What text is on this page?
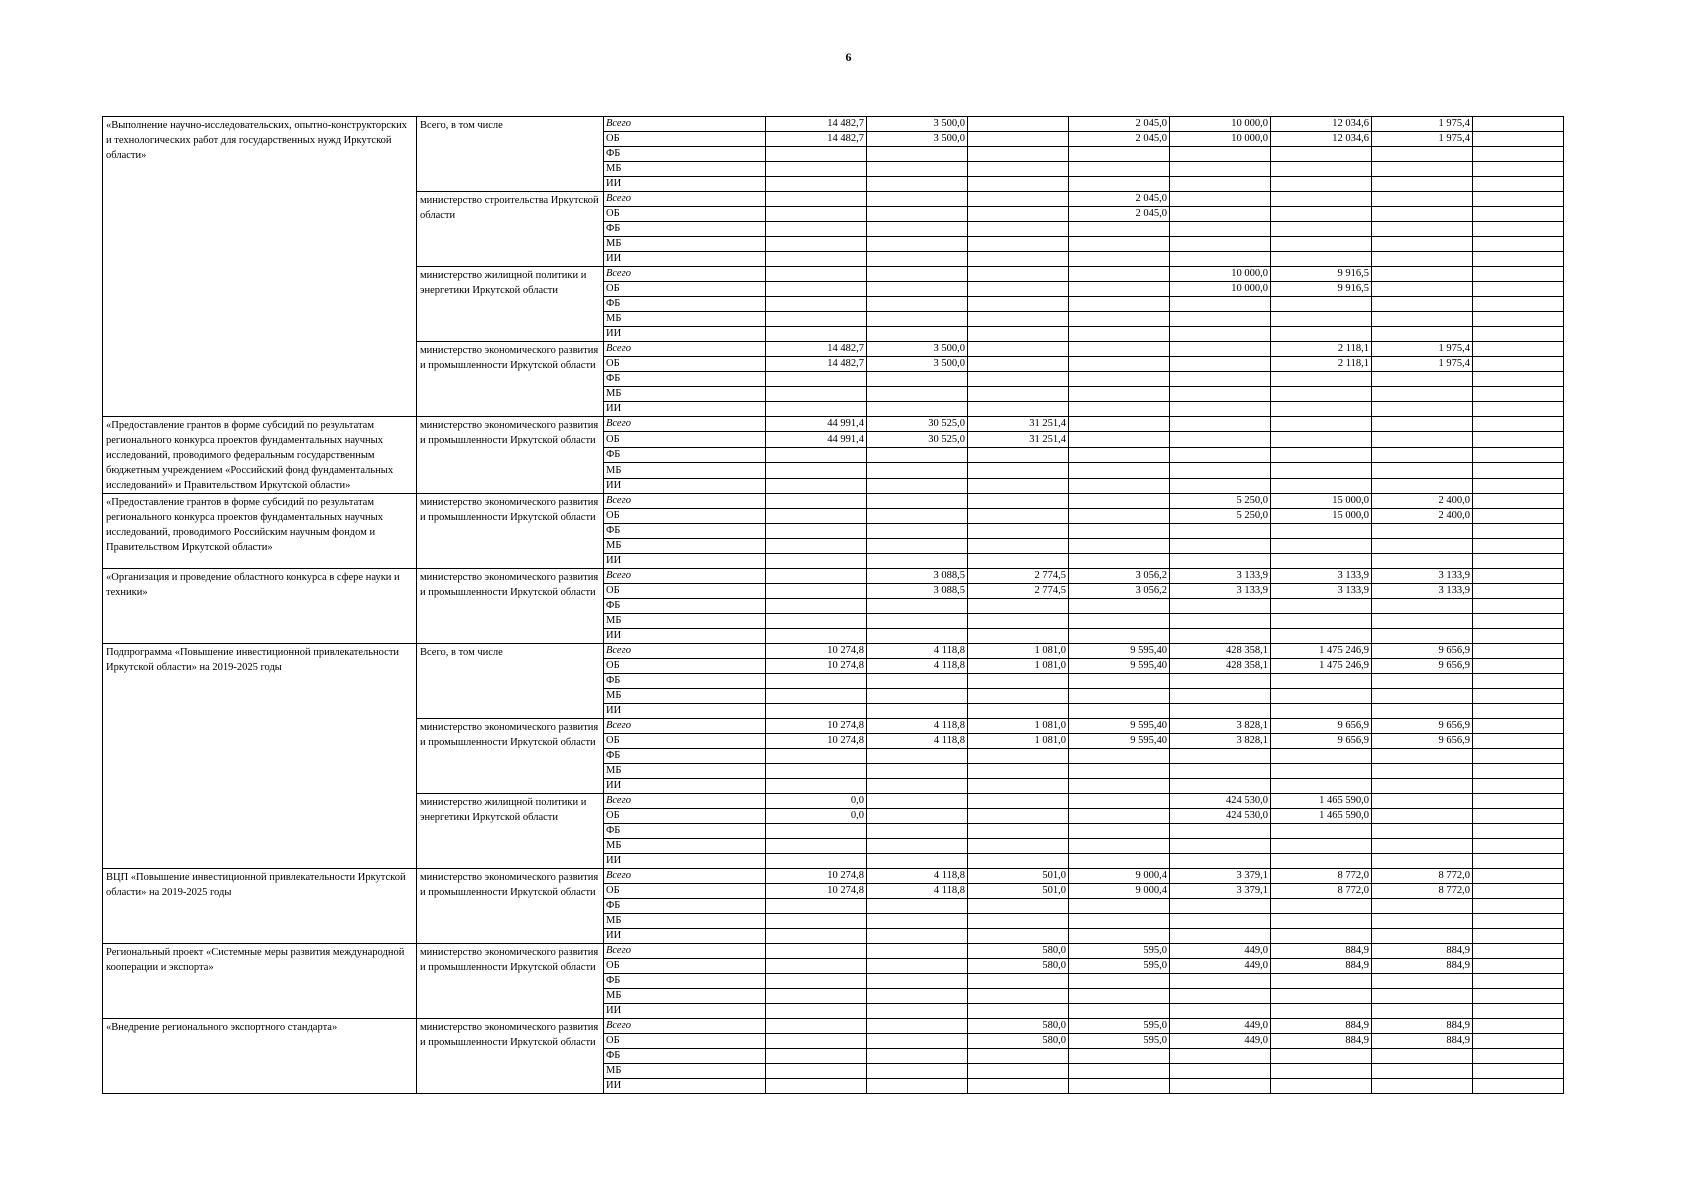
6
«Выполнение научно-исследовательских, опытно-конструкторских и технологических работ для государственных нужд Иркутской области»	Всего, в том числе	Всего	14 482,7	3 500,0		2 045,0	10 000,0	12 034,6	1 975,4	
		ОБ	14 482,7	3 500,0		2 045,0	10 000,0	12 034,6	1 975,4	
		ФБ								
		МБ								
		ИИ								
	министерство строительства Иркутской области	Всего				2 045,0				
		ОБ				2 045,0				
		ФБ								
		МБ								
		ИИ								
	министерство жилищной политики и энергетики Иркутской области	Всего					10 000,0	9 916,5		
		ОБ					10 000,0	9 916,5		
		ФБ								
		МБ								
		ИИ								
	министерство экономического развития и промышленности Иркутской области	Всего	14 482,7	3 500,0				2 118,1	1 975,4	
		ОБ	14 482,7	3 500,0				2 118,1	1 975,4	
		ФБ								
		МБ								
		ИИ								
«Предоставление грантов в форме субсидий по результатам регионального конкурса проектов фундаментальных научных исследований, проводимого федеральным государственным бюджетным учреждением «Российский фонд фундаментальных исследований» и Правительством Иркутской области»	министерство экономического развития и промышленности Иркутской области	Всего	44 991,4	30 525,0	31 251,4					
		ОБ	44 991,4	30 525,0	31 251,4					
		ФБ								
		МБ								
		ИИ								
«Предоставление грантов в форме субсидий по результатам регионального конкурса проектов фундаментальных научных исследований, проводимого Российским научным фондом и Правительством Иркутской области»	министерство экономического развития и промышленности Иркутской области	Всего					5 250,0	15 000,0	2 400,0	
		ОБ					5 250,0	15 000,0	2 400,0	
		ФБ								
		МБ								
		ИИ								
«Организация и проведение областного конкурса в сфере науки и техники»	министерство экономического развития и промышленности Иркутской области	Всего		3 088,5	2 774,5	3 056,2	3 133,9	3 133,9	3 133,9	
		ОБ		3 088,5	2 774,5	3 056,2	3 133,9	3 133,9	3 133,9	
		ФБ								
		МБ								
		ИИ								
Подпрограмма «Повышение инвестиционной привлекательности Иркутской области» на 2019-2025 годы	Всего, в том числе	Всего	10 274,8	4 118,8	1 081,0	9 595,40	428 358,1	1 475 246,9	9 656,9	
		ОБ	10 274,8	4 118,8	1 081,0	9 595,40	428 358,1	1 475 246,9	9 656,9	
		ФБ								
		МБ								
		ИИ								
	министерство экономического развития и промышленности Иркутской области	Всего	10 274,8	4 118,8	1 081,0	9 595,40	3 828,1	9 656,9	9 656,9	
		ОБ	10 274,8	4 118,8	1 081,0	9 595,40	3 828,1	9 656,9	9 656,9	
		ФБ								
		МБ								
		ИИ								
	министерство жилищной политики и энергетики Иркутской области	Всего	0,0				424 530,0	1 465 590,0		
		ОБ	0,0				424 530,0	1 465 590,0		
		ФБ								
		МБ								
		ИИ								
ВЦП «Повышение инвестиционной привлекательности Иркутской области» на 2019-2025 годы	министерство экономического развития и промышленности Иркутской области	Всего	10 274,8	4 118,8	501,0	9 000,4	3 379,1	8 772,0	8 772,0	
		ОБ	10 274,8	4 118,8	501,0	9 000,4	3 379,1	8 772,0	8 772,0	
		ФБ								
		МБ								
		ИИ								
Региональный проект «Системные меры развития международной кооперации и экспорта»	министерство экономического развития и промышленности Иркутской области	Всего			580,0	595,0	449,0	884,9	884,9	
		ОБ			580,0	595,0	449,0	884,9	884,9	
		ФБ								
		МБ								
		ИИ								
«Внедрение регионального экспортного стандарта»	министерство экономического развития и промышленности Иркутской области	Всего			580,0	595,0	449,0	884,9	884,9	
		ОБ			580,0	595,0	449,0	884,9	884,9	
		ФБ								
		МБ								
		ИИ								
